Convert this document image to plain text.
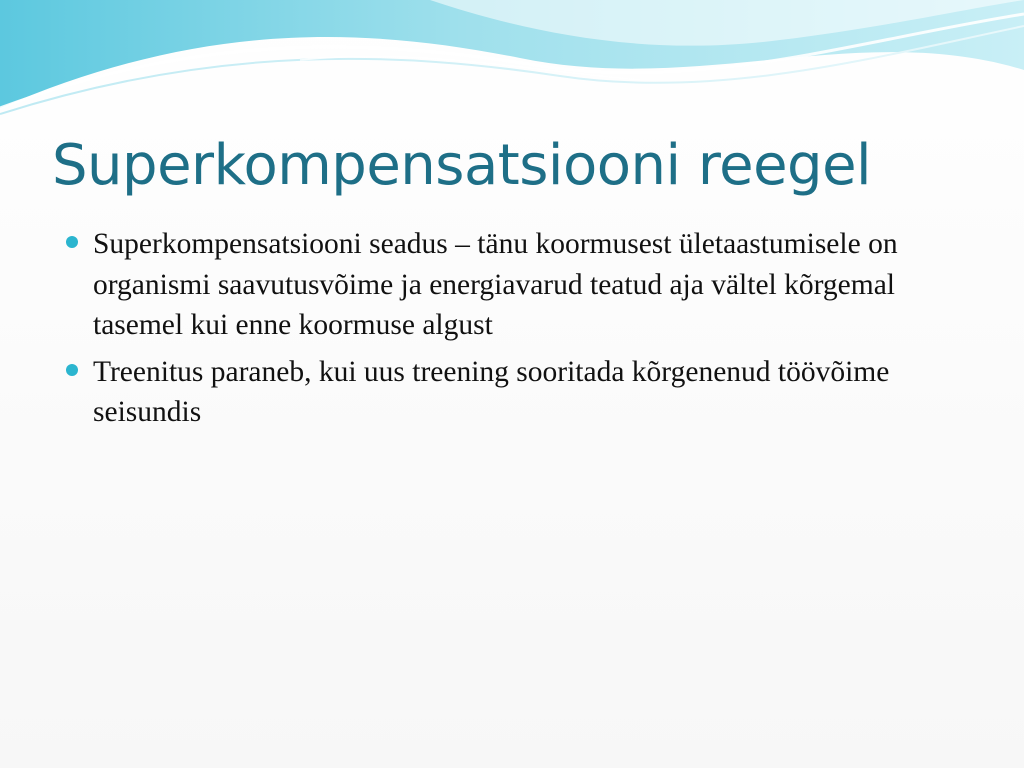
Superkompensatsiooni reegel
Superkompensatsiooni seadus – tänu koormusest ületaastumisele on organismi saavutusvõime ja energiavarud teatud aja vältel kõrgemal tasemel kui enne koormuse algust
Treenitus paraneb, kui uus treening sooritada kõrgenenud töövõime seisundis
